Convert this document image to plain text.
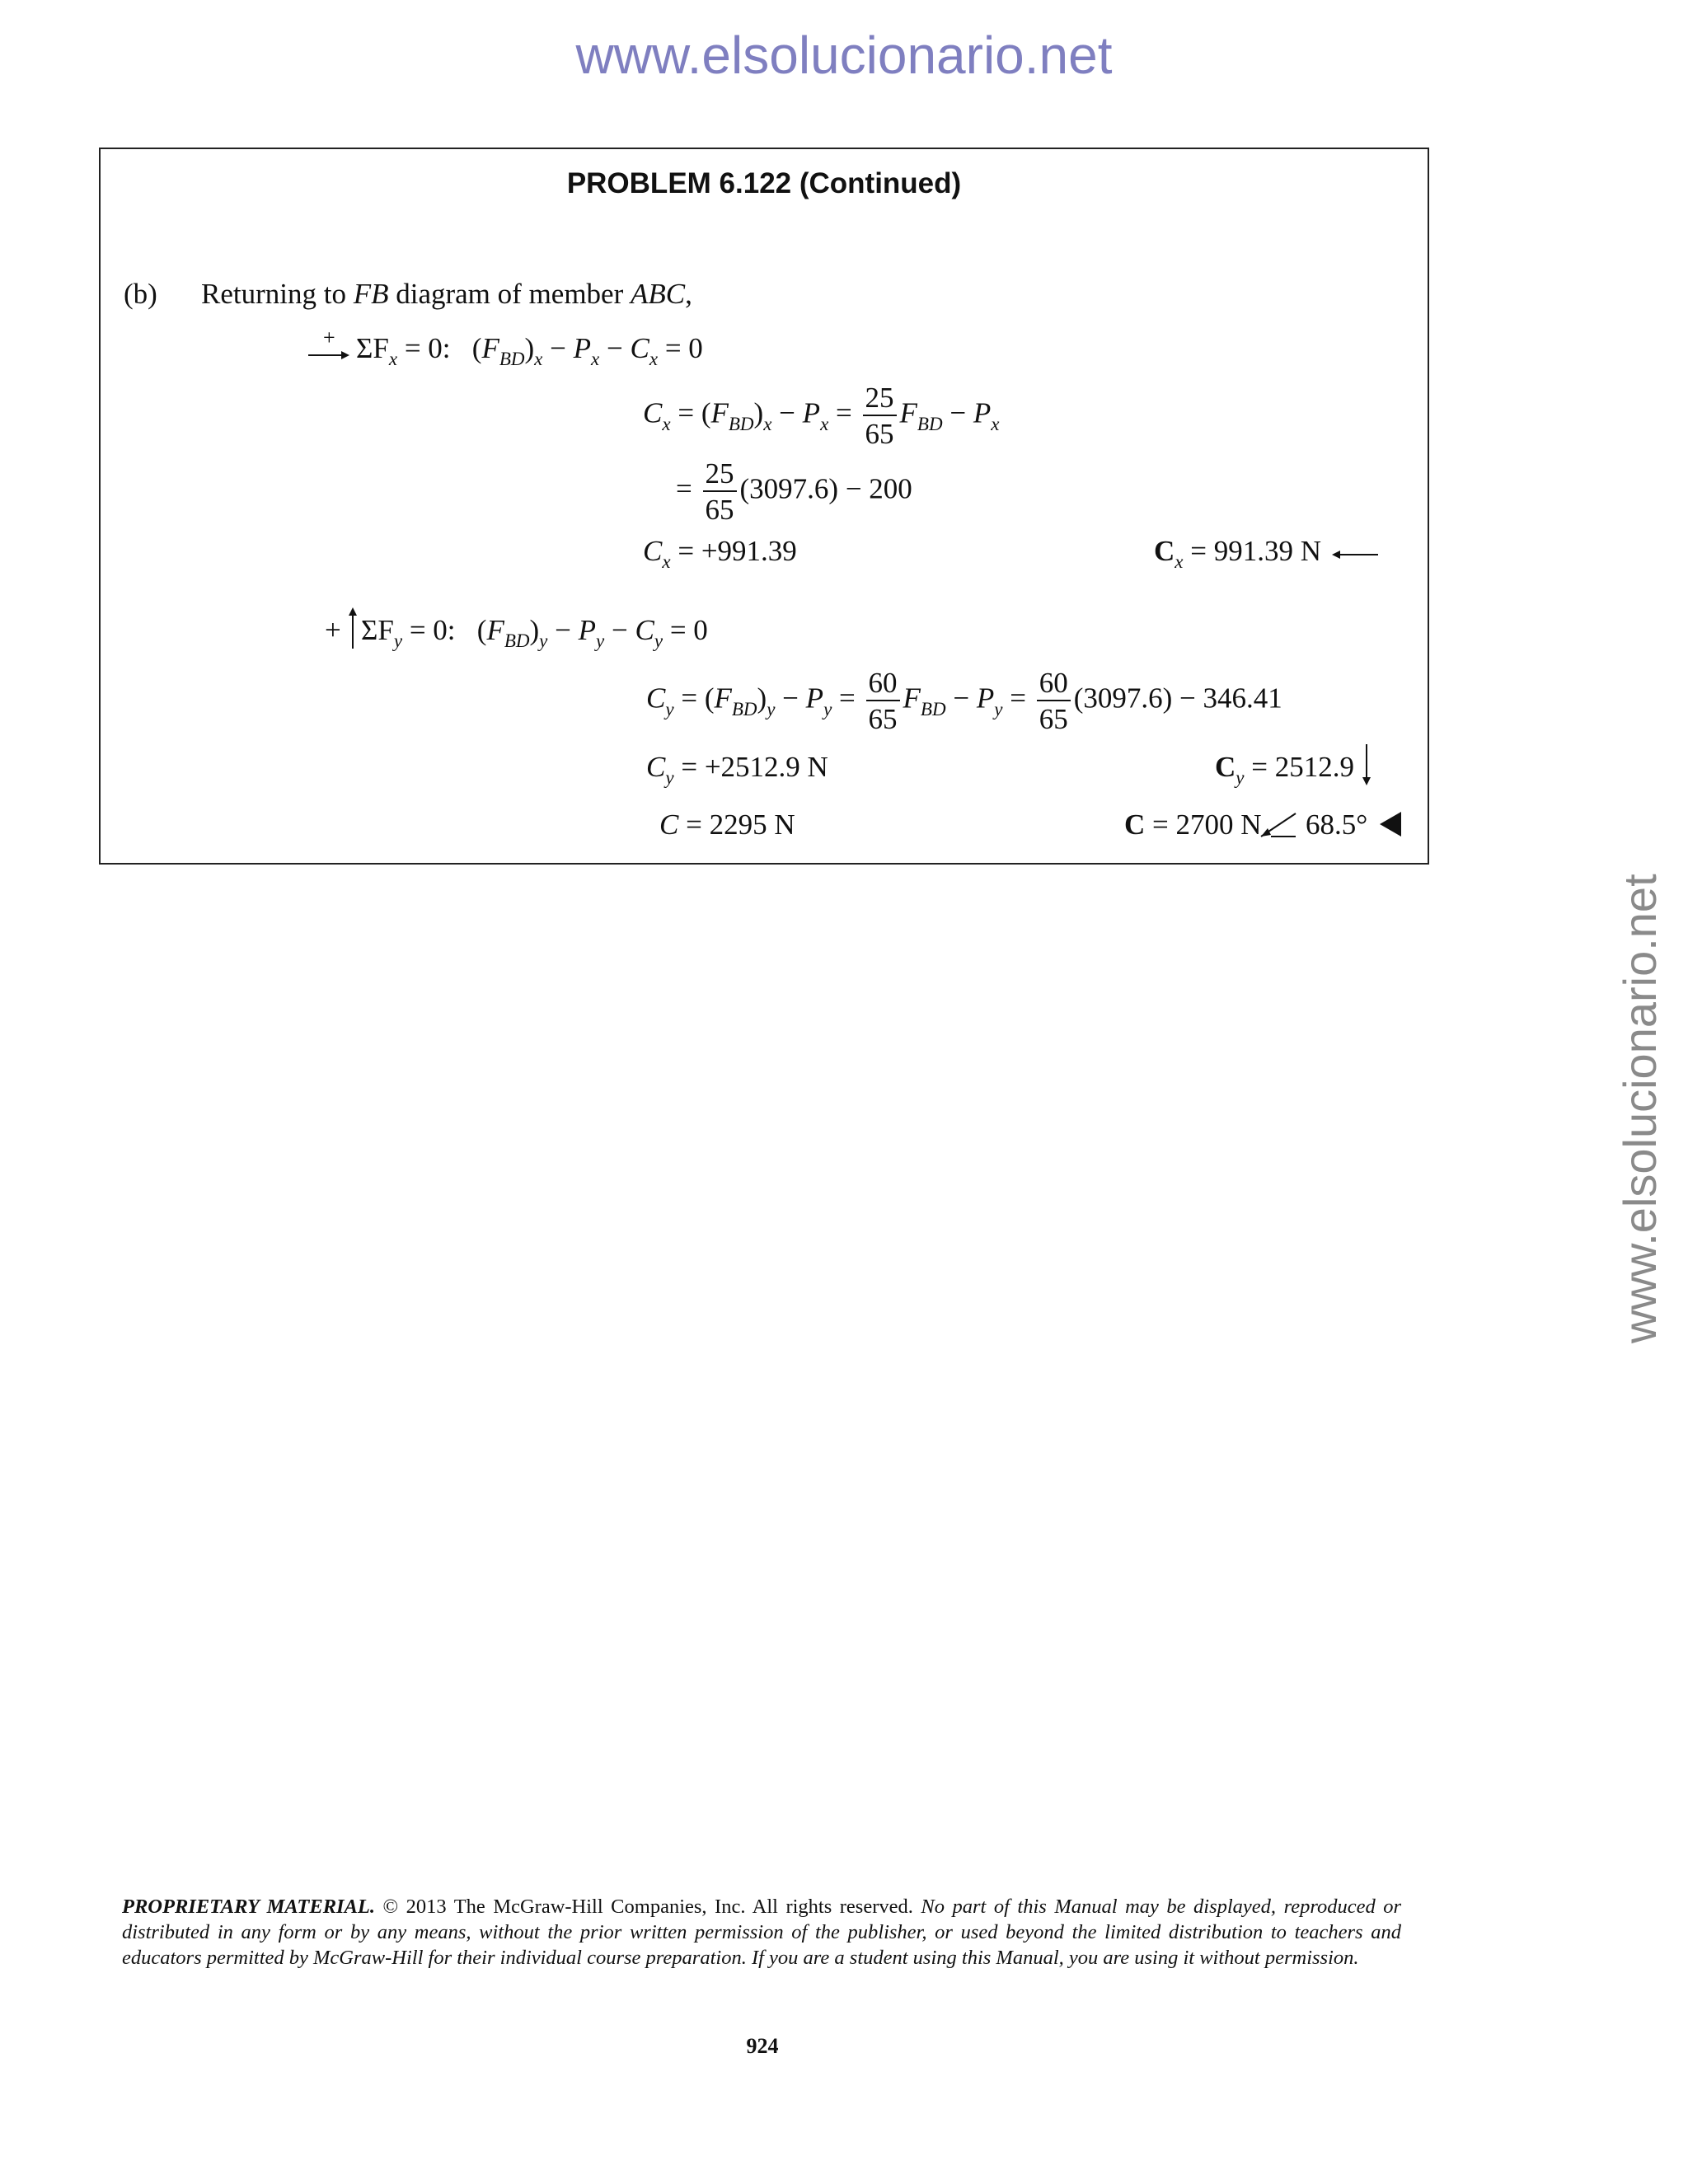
www.elsolucionario.net
www.elsolucionario.net
PROBLEM 6.122 (Continued)
(b) Returning to FB diagram of member ABC,
+ $\Sigma F_x = 0$:   $(F_{BD})_x - P_x - C_x = 0$
$C_x = (F_{BD})_x - P_x = \frac{25}{65} F_{BD} - P_x$
= $\frac{25}{65} (3097.6) - 200$
$C_x = +991.39$	$C_x = 991.39$ N
+ $\Sigma F_y = 0$:   $(F_{BD})_y - P_y - C_y = 0$
$C_y = (F_{BD})_y - P_y = \frac{60}{65} F_{BD} - P_y = \frac{60}{65} (3097.6) - 346.41$
$C_y = +2512.9$ N	$C_y = 2512.9$
C = 2295 N	C = 2700 N 68.5°
PROPRIETARY MATERIAL. © 2013 The McGraw-Hill Companies, Inc. All rights reserved. No part of this Manual may be displayed, reproduced or distributed in any form or by any means, without the prior written permission of the publisher, or used beyond the limited distribution to teachers and educators permitted by McGraw-Hill for their individual course preparation. If you are a student using this Manual, you are using it without permission.
924
